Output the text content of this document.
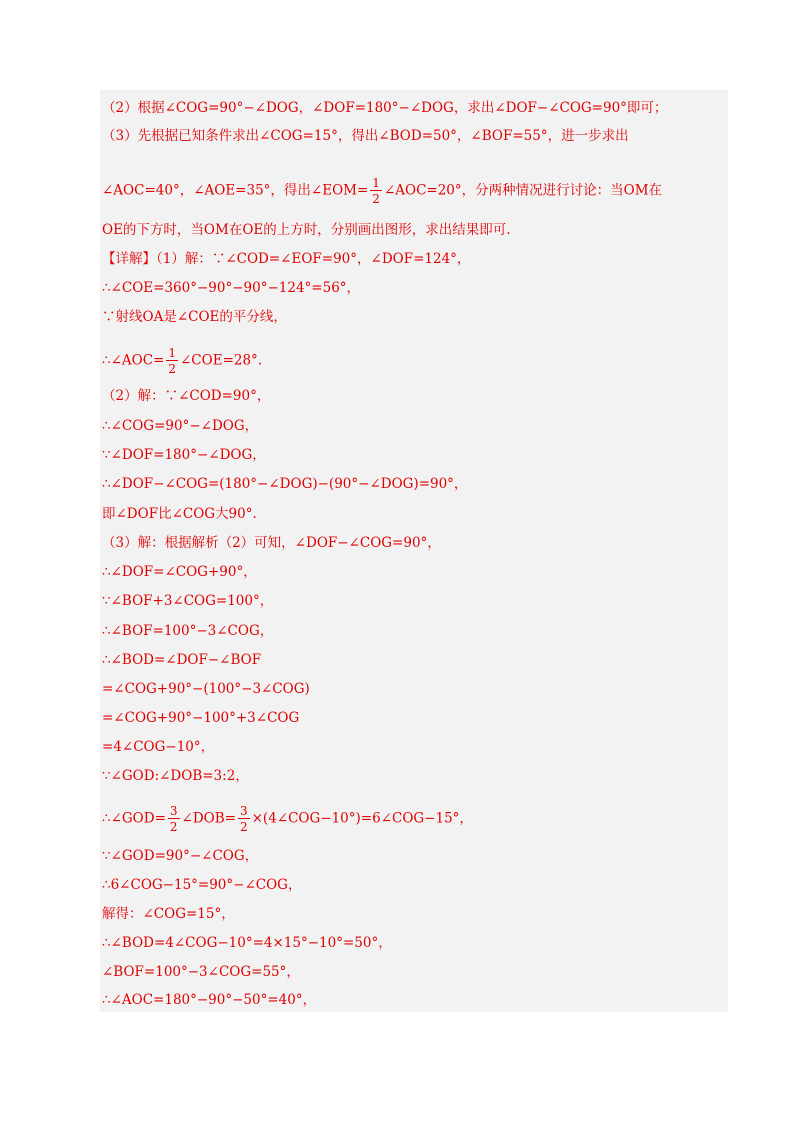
（2）根据∠COG=90°−∠DOG，∠DOF=180°−∠DOG，求出∠DOF−∠COG=90°即可；
（3）先根据已知条件求出∠COG=15°，得出∠BOD=50°，∠BOF=55°，进一步求出
∠AOC=40°，∠AOE=35°，得出∠EOM= $\frac{1}{2}$ ∠AOC=20°，分两种情况进行讨论：当OM在
OE的下方时，当OM在OE的上方时，分别画出图形，求出结果即可.
【详解】（1）解：∵∠COD=∠EOF=90°，∠DOF=124°，
∴∠COE=360°−90°−90°−124°=56°，
∵射线OA是∠COE的平分线，
∴∠AOC= $\frac{1}{2}$ ∠COE=28°.
（2）解：∵∠COD=90°，
∴∠COG=90°−∠DOG，
∵∠DOF=180°−∠DOG，
∴∠DOF−∠COG=(180°−∠DOG)−(90°−∠DOG)=90°，
即∠DOF比∠COG大90°.
（3）解：根据解析（2）可知，∠DOF−∠COG=90°，
∴∠DOF=∠COG+90°，
∵∠BOF+3∠COG=100°，
∴∠BOF=100°−3∠COG，
∴∠BOD=∠DOF−∠BOF
=∠COG+90°−(100°−3∠COG)
=∠COG+90°−100°+3∠COG
=4∠COG−10°，
∵∠GOD:∠DOB=3:2，
∴∠GOD= $\frac{3}{2}$ ∠DOB= $\frac{3}{2}$ ×(4∠COG−10°)=6∠COG−15°，
∵∠GOD=90°−∠COG，
∴6∠COG−15°=90°−∠COG，
解得：∠COG=15°，
∴∠BOD=4∠COG−10°=4×15°−10°=50°，
∠BOF=100°−3∠COG=55°，
∴∠AOC=180°−90°−50°=40°，
